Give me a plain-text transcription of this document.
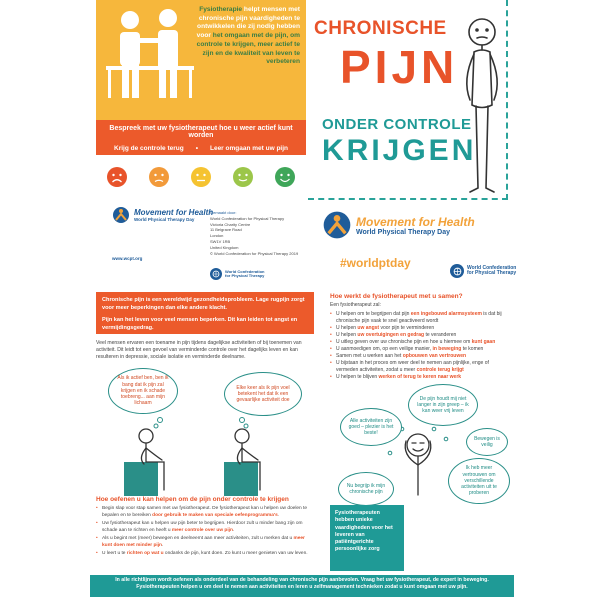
Fysiotherapie helpt mensen met chronische pijn vaardigheden te ontwikkelen die zij nodig hebben voor het omgaan met de pijn, om controle te krijgen, meer actief te zijn en de kwaliteit van leven te verbeteren
Bespreek met uw fysiotherapeut hoe u weer actief kunt worden
Krijg de controle terug • Leer omgaan met uw pijn
CHRONISCHE
PIJN
ONDER CONTROLE
KRIJGEN
Movement for Health
World Physical Therapy Day
Gemaakt door:
World Confederation for Physical Therapy
Victoria Charity Centre
11 Belgrave Road
London
SW1V 1RB
United Kingdom
© World Confederation for Physical Therapy 2019
www.wcpt.org
World Confederation
for Physical Therapy
Movement for Health
World Physical Therapy Day
#worldptday	World Confederation
for Physical Therapy

Chronische pijn is een wereldwijd gezondheidsprobleem. Lage rugpijn zorgt voor meer beperkingen dan elke andere klacht.

Pijn kan het leven voor veel mensen beperken. Dit kan leiden tot angst en vermijdingsgedrag.

Veel mensen ervaren een toename in pijn tijdens dagelijkse activiteiten of bij toenemen van activiteit. Dit leidt tot een gevoel van verminderde controle over het dagelijks leven en kan resulteren in depressie, sociale isolatie en verminderde deelname.
Als ik actief ben, ben ik bang dat ik pijn zal krijgen en ik schade toebreng... aan mijn lichaam
Elke keer als ik pijn voel betekent het dat ik een gevaarlijke activiteit doe
Hoe oefenen u kan helpen om de pijn onder controle te krijgen
• Begin slap voor stap samen met uw fysiotherapeut. De fysiotherapeut kan u helpen uw doelen te bepalen en te bereiken door gebruik te maken van speciale oefenprogramma's.
• Uw fysiotherapeut kan u helpen uw pijn beter te begrijpen. Hierdoor zult u minder bang zijn om schade aan te richten en heeft u meer controle over uw pijn.
• Als u begint met (meer) bewegen en deelneemt aan meer activiteiten, zult u merken dat u meer kunt doen met minder pijn.
• U leert u te richten op wat u ondanks de pijn, kunt doen. Zo kunt u meer genieten van uw leven.
Hoe werkt de fysiotherapeut met u samen?
Een fysiotherapeut zal:
• U helpen om te begrijpen dat pijn een ingebouwd alarmsysteem is dat bij chronische pijn vaak te snel geactiveerd wordt
• U helpen uw angst voor pijn te verminderen
• U helpen uw overtuigingen en gedrag te veranderen
• U uitleg geven over uw chronische pijn en hoe u hiermee om kunt gaan
• U aanmoedigen om, op een veilige manier, in beweging te komen
• Samen met u werken aan het opbouwen van vertrouwen
• U bijstaan in het proces om weer deel te nemen aan pijnlijke, enge of vermeden activiteiten, zodat u meer controle terug krijgt
• U helpen te blijven werken of terug te keren naar werk
De pijn houdt mij niet langer in zijn greep – ik kan weer vrij leven
Alle activiteiten zijn goed – plezier is het beste!
Bewegen is veilig
Ik heb meer vertrouwen om verschillende activiteiten uit te proberen
Nu begrijp ik mijn chronische pijn
Fysiotherapeuten hebben unieke vaardigheden voor het leveren van patiëntgerichte persoonlijke zorg
In alle richtlijnen wordt oefenen als onderdeel van de behandeling van chronische pijn aanbevolen. Vraag het uw fysiotherapeut, de expert in beweging. Fysiotherapeuten helpen u om deel te nemen aan activiteiten en leren u zelfmanagement technieken zodat u kunt omgaan met uw pijn.
